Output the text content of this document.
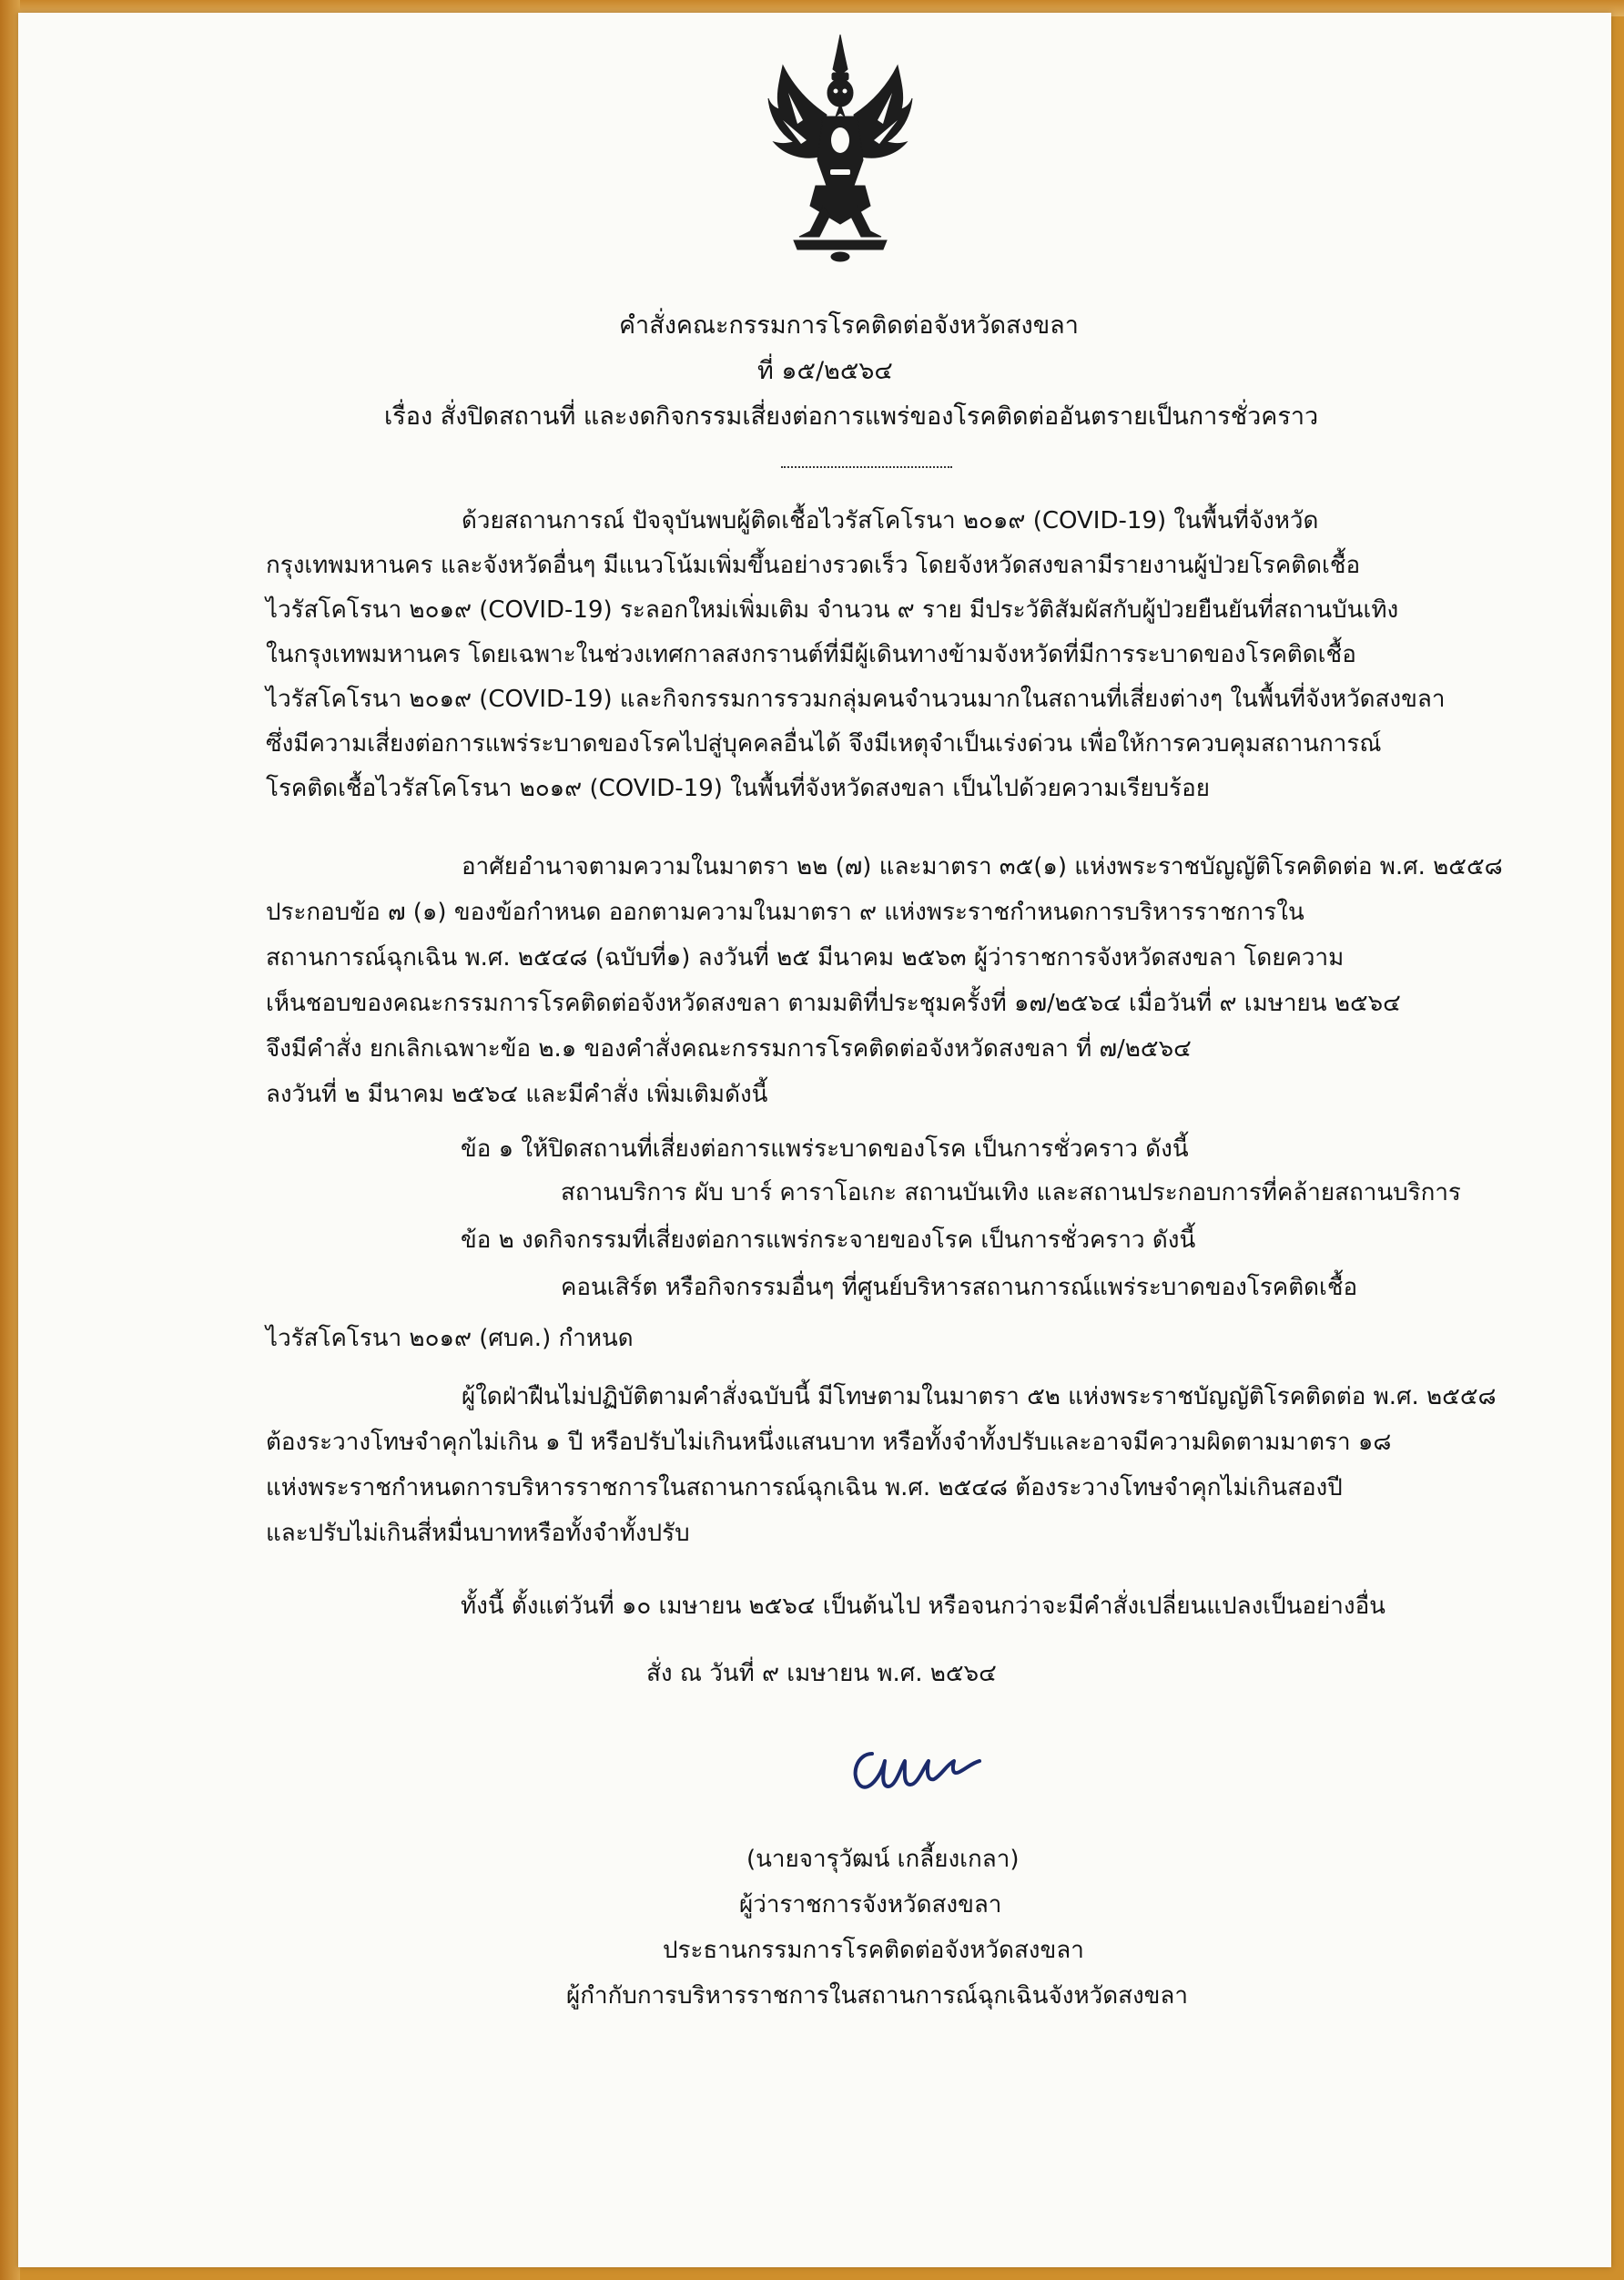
คำสั่งคณะกรรมการโรคติดต่อจังหวัดสงขลา
ที่ ๑๕/๒๕๖๔
เรื่อง สั่งปิดสถานที่ และงดกิจกรรมเสี่ยงต่อการแพร่ของโรคติดต่ออันตรายเป็นการชั่วคราว
ด้วยสถานการณ์ ปัจจุบันพบผู้ติดเชื้อไวรัสโคโรนา ๒๐๑๙ (COVID-19) ในพื้นที่จังหวัด
กรุงเทพมหานคร และจังหวัดอื่นๆ มีแนวโน้มเพิ่มขึ้นอย่างรวดเร็ว โดยจังหวัดสงขลามีรายงานผู้ป่วยโรคติดเชื้อ
ไวรัสโคโรนา ๒๐๑๙ (COVID-19) ระลอกใหม่เพิ่มเติม จำนวน ๙ ราย มีประวัติสัมผัสกับผู้ป่วยยืนยันที่สถานบันเทิง
ในกรุงเทพมหานคร โดยเฉพาะในช่วงเทศกาลสงกรานต์ที่มีผู้เดินทางข้ามจังหวัดที่มีการระบาดของโรคติดเชื้อ
ไวรัสโคโรนา ๒๐๑๙ (COVID-19) และกิจกรรมการรวมกลุ่มคนจำนวนมากในสถานที่เสี่ยงต่างๆ ในพื้นที่จังหวัดสงขลา
ซึ่งมีความเสี่ยงต่อการแพร่ระบาดของโรคไปสู่บุคคลอื่นได้ จึงมีเหตุจำเป็นเร่งด่วน เพื่อให้การควบคุมสถานการณ์
โรคติดเชื้อไวรัสโคโรนา ๒๐๑๙ (COVID-19) ในพื้นที่จังหวัดสงขลา เป็นไปด้วยความเรียบร้อย
อาศัยอำนาจตามความในมาตรา ๒๒ (๗) และมาตรา ๓๕(๑) แห่งพระราชบัญญัติโรคติดต่อ พ.ศ. ๒๕๕๘
ประกอบข้อ ๗ (๑) ของข้อกำหนด ออกตามความในมาตรา ๙ แห่งพระราชกำหนดการบริหารราชการใน
สถานการณ์ฉุกเฉิน พ.ศ. ๒๕๔๘ (ฉบับที่๑) ลงวันที่ ๒๕ มีนาคม ๒๕๖๓ ผู้ว่าราชการจังหวัดสงขลา โดยความ
เห็นชอบของคณะกรรมการโรคติดต่อจังหวัดสงขลา ตามมติที่ประชุมครั้งที่ ๑๗/๒๕๖๔ เมื่อวันที่ ๙ เมษายน ๒๕๖๔
จึงมีคำสั่ง ยกเลิกเฉพาะข้อ ๒.๑ ของคำสั่งคณะกรรมการโรคติดต่อจังหวัดสงขลา ที่ ๗/๒๕๖๔
ลงวันที่ ๒ มีนาคม ๒๕๖๔ และมีคำสั่ง เพิ่มเติมดังนี้
ข้อ ๑ ให้ปิดสถานที่เสี่ยงต่อการแพร่ระบาดของโรค เป็นการชั่วคราว ดังนี้
สถานบริการ ผับ บาร์ คาราโอเกะ สถานบันเทิง และสถานประกอบการที่คล้ายสถานบริการ
ข้อ ๒ งดกิจกรรมที่เสี่ยงต่อการแพร่กระจายของโรค เป็นการชั่วคราว ดังนี้
คอนเสิร์ต หรือกิจกรรมอื่นๆ ที่ศูนย์บริหารสถานการณ์แพร่ระบาดของโรคติดเชื้อ
ไวรัสโคโรนา ๒๐๑๙ (ศบค.) กำหนด
ผู้ใดฝ่าฝืนไม่ปฏิบัติตามคำสั่งฉบับนี้ มีโทษตามในมาตรา ๕๒ แห่งพระราชบัญญัติโรคติดต่อ พ.ศ. ๒๕๕๘
ต้องระวางโทษจำคุกไม่เกิน ๑ ปี หรือปรับไม่เกินหนึ่งแสนบาท หรือทั้งจำทั้งปรับและอาจมีความผิดตามมาตรา ๑๘
แห่งพระราชกำหนดการบริหารราชการในสถานการณ์ฉุกเฉิน พ.ศ. ๒๕๔๘ ต้องระวางโทษจำคุกไม่เกินสองปี
และปรับไม่เกินสี่หมื่นบาทหรือทั้งจำทั้งปรับ
ทั้งนี้ ตั้งแต่วันที่ ๑๐ เมษายน ๒๕๖๔ เป็นต้นไป หรือจนกว่าจะมีคำสั่งเปลี่ยนแปลงเป็นอย่างอื่น
สั่ง ณ วันที่ ๙ เมษายน พ.ศ. ๒๕๖๔
(นายจารุวัฒน์ เกลี้ยงเกลา)
ผู้ว่าราชการจังหวัดสงขลา
ประธานกรรมการโรคติดต่อจังหวัดสงขลา
ผู้กำกับการบริหารราชการในสถานการณ์ฉุกเฉินจังหวัดสงขลา
